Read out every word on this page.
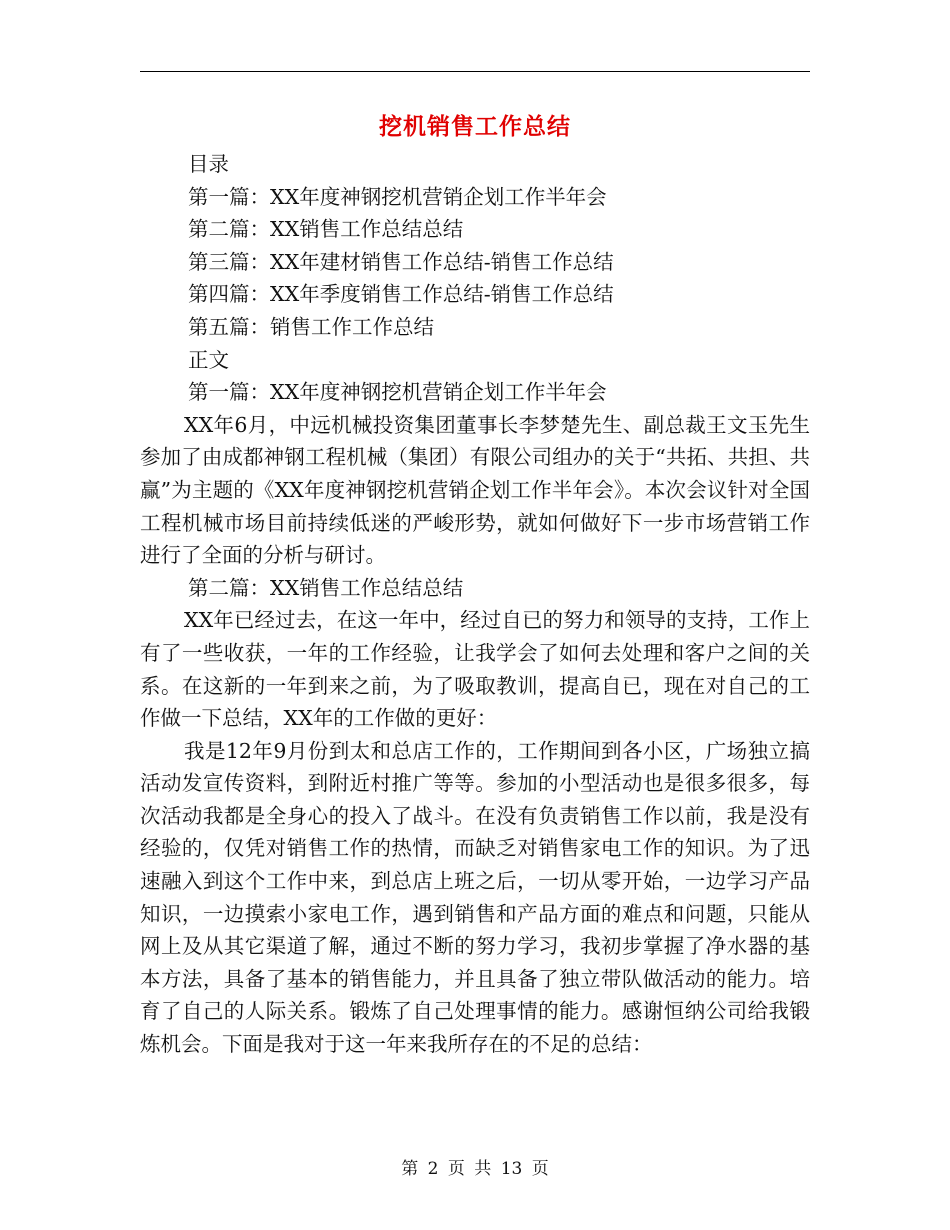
挖机销售工作总结
目录
第一篇：XX年度神钢挖机营销企划工作半年会
第二篇：XX销售工作总结总结
第三篇：XX年建材销售工作总结-销售工作总结
第四篇：XX年季度销售工作总结-销售工作总结
第五篇：销售工作工作总结
正文
第一篇：XX年度神钢挖机营销企划工作半年会

XX年6月，中远机械投资集团董事长李梦楚先生、副总裁王文玉先生参加了由成都神钢工程机械（集团）有限公司组办的关于“共拓、共担、共赢”为主题的《XX年度神钢挖机营销企划工作半年会》。本次会议针对全国工程机械市场目前持续低迷的严峻形势，就如何做好下一步市场营销工作进行了全面的分析与研讨。

第二篇：XX销售工作总结总结

XX年已经过去，在这一年中，经过自已的努力和领导的支持，工作上有了一些收获，一年的工作经验，让我学会了如何去处理和客户之间的关系。在这新的一年到来之前，为了吸取教训，提高自已，现在对自己的工作做一下总结，XX年的工作做的更好：

我是12年9月份到太和总店工作的，工作期间到各小区，广场独立搞活动发宣传资料，到附近村推广等等。参加的小型活动也是很多很多，每次活动我都是全身心的投入了战斗。在没有负责销售工作以前，我是没有经验的，仅凭对销售工作的热情，而缺乏对销售家电工作的知识。为了迅速融入到这个工作中来，到总店上班之后，一切从零开始，一边学习产品知识，一边摸索小家电工作，遇到销售和产品方面的难点和问题，只能从网上及从其它渠道了解，通过不断的努力学习，我初步掌握了净水器的基本方法，具备了基本的销售能力，并且具备了独立带队做活动的能力。培育了自己的人际关系。锻炼了自己处理事情的能力。感谢恒纳公司给我锻炼机会。下面是我对于这一年来我所存在的不足的总结：

第 2 页 共 13 页
